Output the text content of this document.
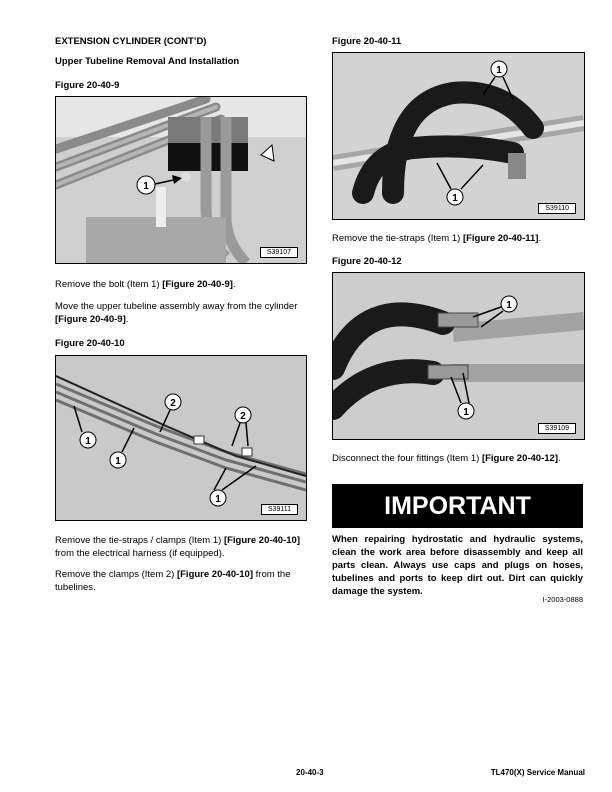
EXTENSION CYLINDER (CONT’D)
Upper Tubeline Removal And Installation
Figure 20-40-9
1
S39107
Remove the bolt (Item 1) [Figure 20-40-9].
Move the upper tubeline assembly away from the cylinder [Figure 20-40-9].
Figure 20-40-10
2
2
1
1
1
S39111
Remove the tie-straps / clamps (Item 1) [Figure 20-40-10] from the electrical harness (if equipped).
Remove the clamps (Item 2) [Figure 20-40-10] from the tubelines.
Figure 20-40-11
1
1
S39110
Remove the tie-straps (Item 1) [Figure 20-40-11].
Figure 20-40-12
1
1
S39109
Disconnect the four fittings (Item 1) [Figure 20-40-12].
IMPORTANT
When repairing hydrostatic and hydraulic systems, clean the work area before disassembly and keep all parts clean. Always use caps and plugs on hoses, tubelines and ports to keep dirt out. Dirt can quickly damage the system.
I-2003-0888
20-40-3	TL470(X) Service Manual
